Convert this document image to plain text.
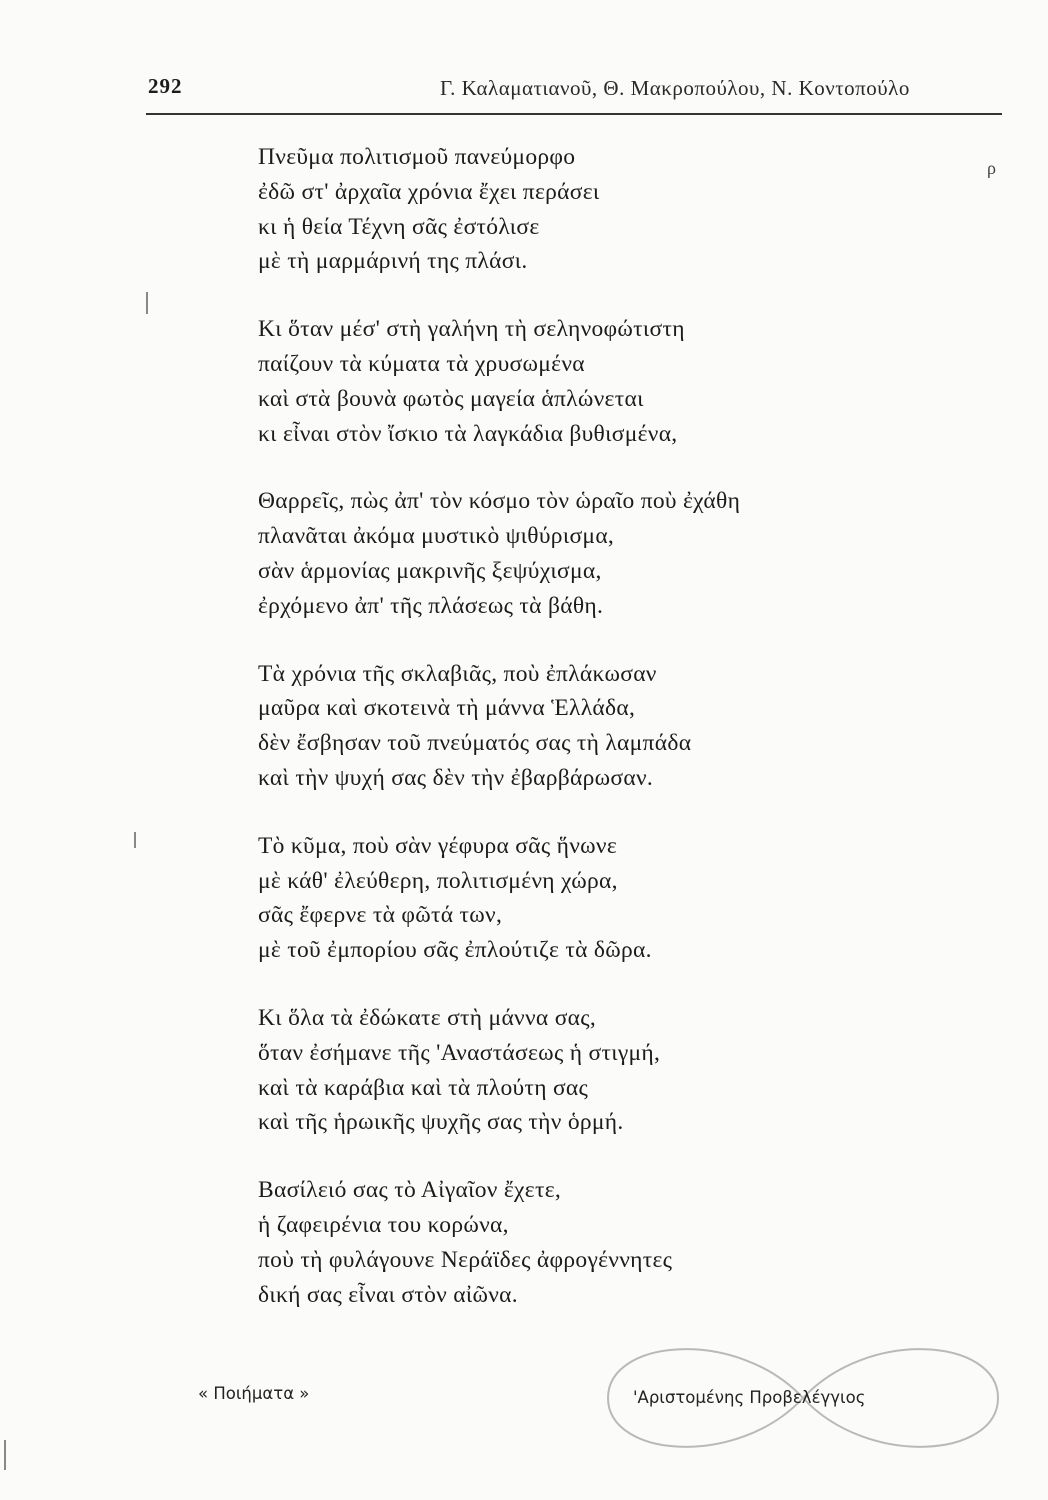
292	Γ. Καλαματιανοῦ, Θ. Μακροπούλου, Ν. Κοντοπούλο
ρ
Πνεῦμα πολιτισμοῦ πανεύμορφο
ἐδῶ στ' ἀρχαῖα χρόνια ἔχει περάσει
κι ἡ θεία Τέχνη σᾶς ἐστόλισε
μὲ τὴ μαρμάρινή της πλάσι.
Κι ὅταν μέσ' στὴ γαλήνη τὴ σεληνοφώτιστη
παίζουν τὰ κύματα τὰ χρυσωμένα
καὶ στὰ βουνὰ φωτὸς μαγεία ἁπλώνεται
κι εἶναι στὸν ἴσκιο τὰ λαγκάδια βυθισμένα,
Θαρρεῖς, πὼς ἀπ' τὸν κόσμο τὸν ὡραῖο ποὺ ἐχάθη
πλανᾶται ἀκόμα μυστικὸ ψιθύρισμα,
σὰν ἁρμονίας μακρινῆς ξεψύχισμα,
ἐρχόμενο ἀπ' τῆς πλάσεως τὰ βάθη.
Τὰ χρόνια τῆς σκλαβιᾶς, ποὺ ἐπλάκωσαν
μαῦρα καὶ σκοτεινὰ τὴ μάννα Ἑλλάδα,
δὲν ἔσβησαν τοῦ πνεύματός σας τὴ λαμπάδα
καὶ τὴν ψυχή σας δὲν τὴν ἐβαρβάρωσαν.
Τὸ κῦμα, ποὺ σὰν γέφυρα σᾶς ἥνωνε
μὲ κάθ' ἐλεύθερη, πολιτισμένη χώρα,
σᾶς ἔφερνε τὰ φῶτά των,
μὲ τοῦ ἐμπορίου σᾶς ἐπλούτιζε τὰ δῶρα.
Κι ὅλα τὰ ἐδώκατε στὴ μάννα σας,
ὅταν ἐσήμανε τῆς 'Αναστάσεως ἡ στιγμή,
καὶ τὰ καράβια καὶ τὰ πλούτη σας
καὶ τῆς ἡρωικῆς ψυχῆς σας τὴν ὁρμή.
Βασίλειό σας τὸ Αἰγαῖον ἔχετε,
ἡ ζαφειρένια του κορώνα,
ποὺ τὴ φυλάγουνε Νεράϊδες ἀφρογέννητες
δική σας εἶναι στὸν αἰῶνα.
« Ποιήματα »	'Αριστομένης Προβελέγγιος
